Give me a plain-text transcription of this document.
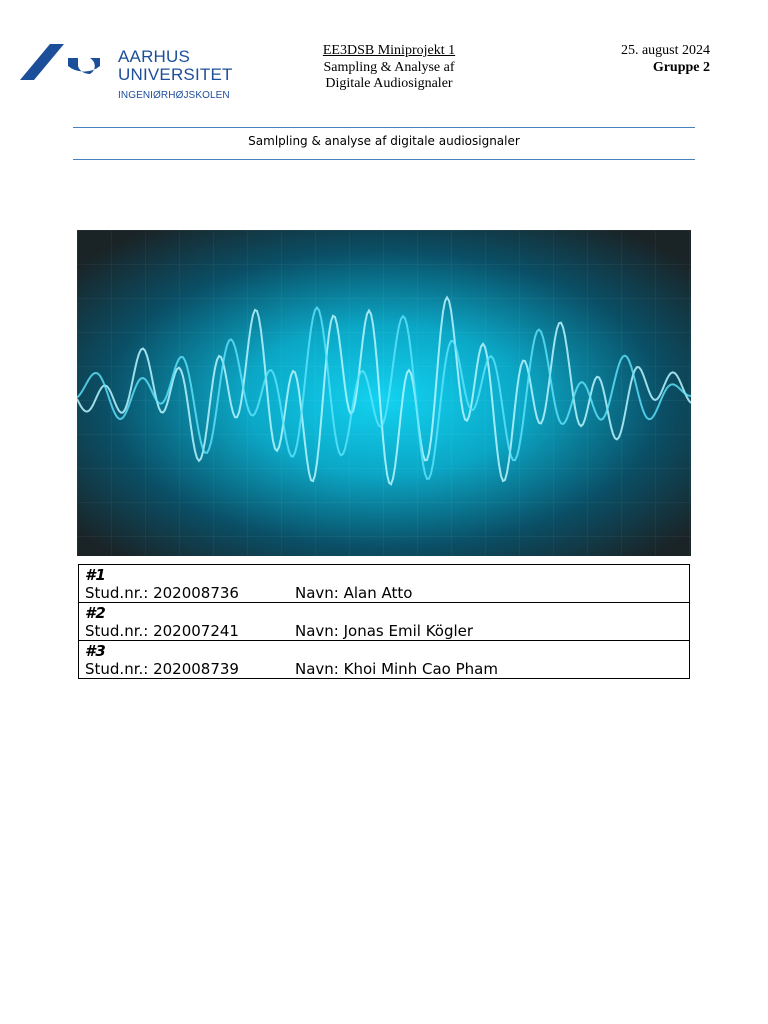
AARHUS
UNIVERSITET
INGENIØRHØJSKOLEN
EE3DSB Miniprojekt 1
Sampling & Analyse af
Digitale Audiosignaler
25. august 2024
Gruppe 2
Samlpling & analyse af digitale audiosignaler
#1
Stud.nr.: 202008736	Navn: Alan Atto

#2
Stud.nr.: 202007241	Navn: Jonas Emil Kögler

#3
Stud.nr.: 202008739	Navn: Khoi Minh Cao Pham
